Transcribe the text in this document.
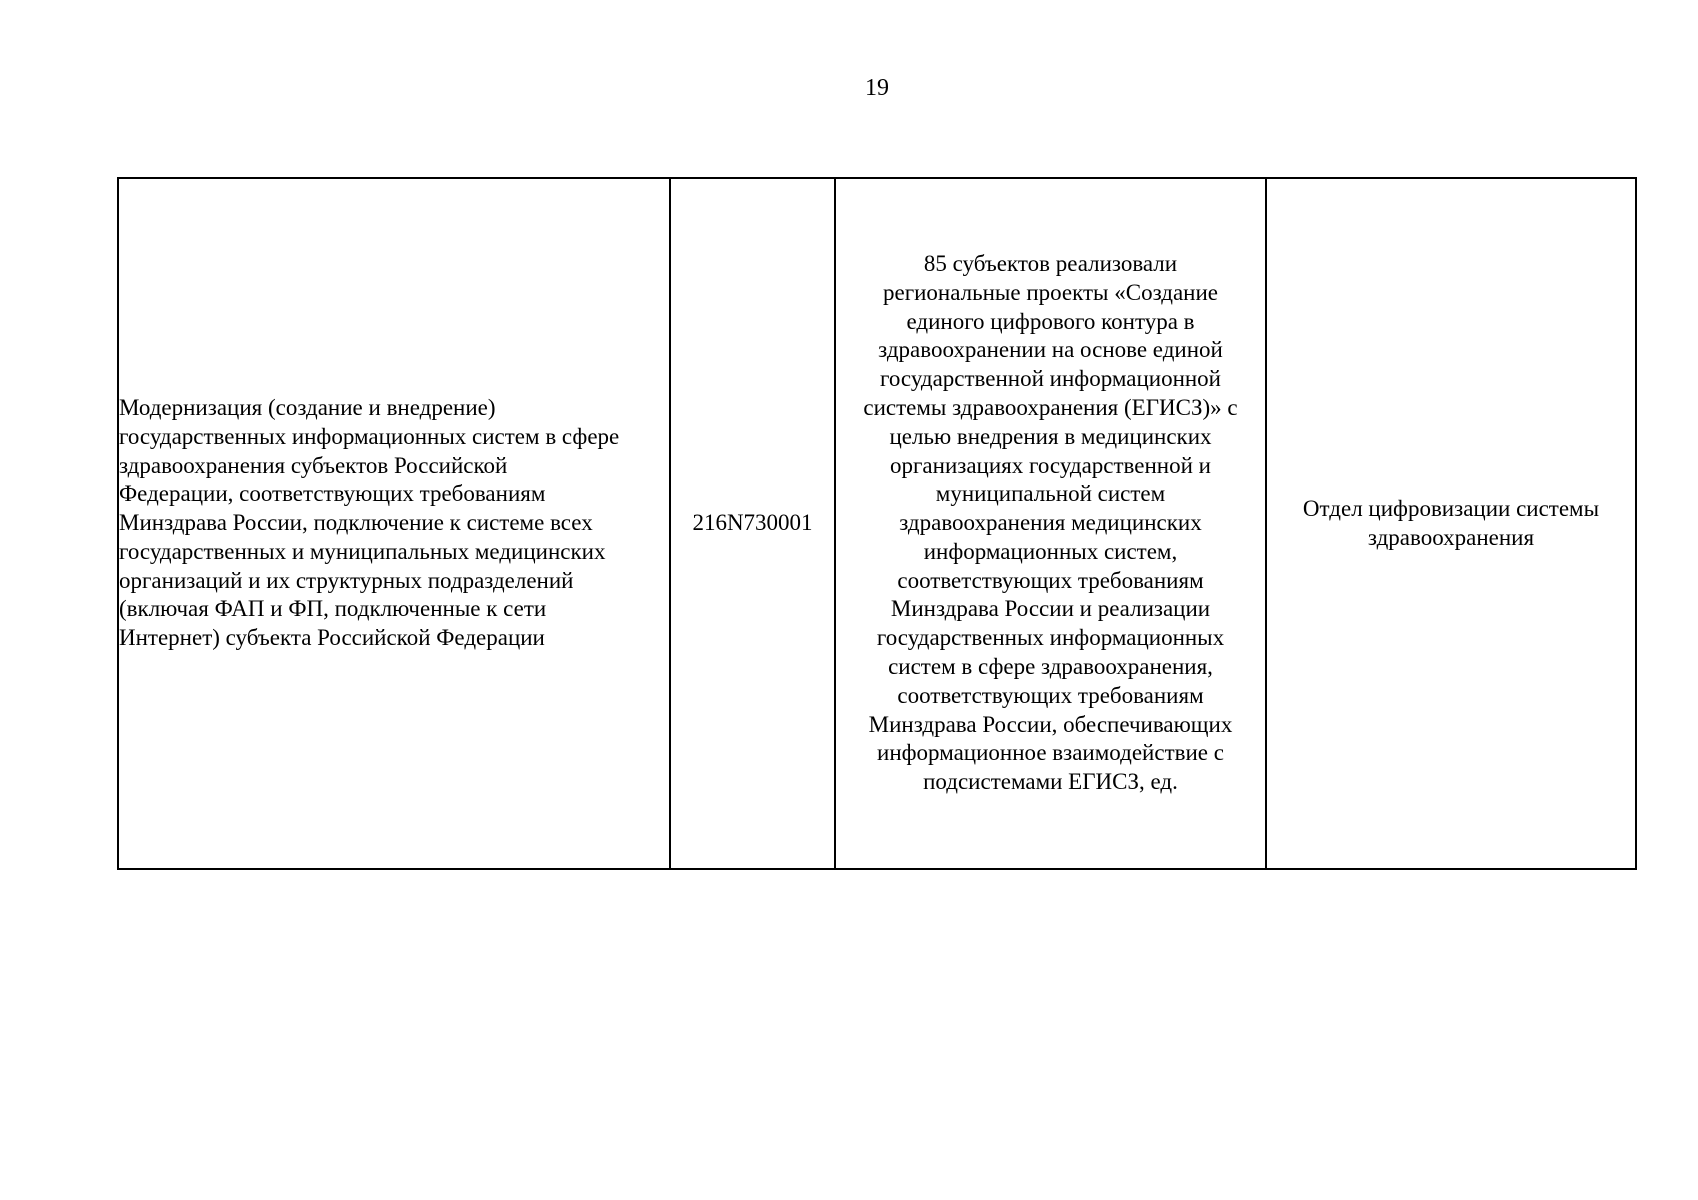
19
Модернизация (создание и внедрение)
государственных информационных систем в сфере
здравоохранения субъектов Российской
Федерации, соответствующих требованиям
Минздрава России, подключение к системе всех
государственных и муниципальных медицинских
организаций и их структурных подразделений
(включая ФАП и ФП, подключенные к сети
Интернет) субъекта Российской Федерации

216N730001

85 субъектов реализовали
региональные проекты «Создание
единого цифрового контура в
здравоохранении на основе единой
государственной информационной
системы здравоохранения (ЕГИСЗ)» с
целью внедрения в медицинских
организациях государственной и
муниципальной систем
здравоохранения медицинских
информационных систем,
соответствующих требованиям
Минздрава России и реализации
государственных информационных
систем в сфере здравоохранения,
соответствующих требованиям
Минздрава России, обеспечивающих
информационное взаимодействие с
подсистемами ЕГИСЗ, ед.

Отдел цифровизации системы
здравоохранения
